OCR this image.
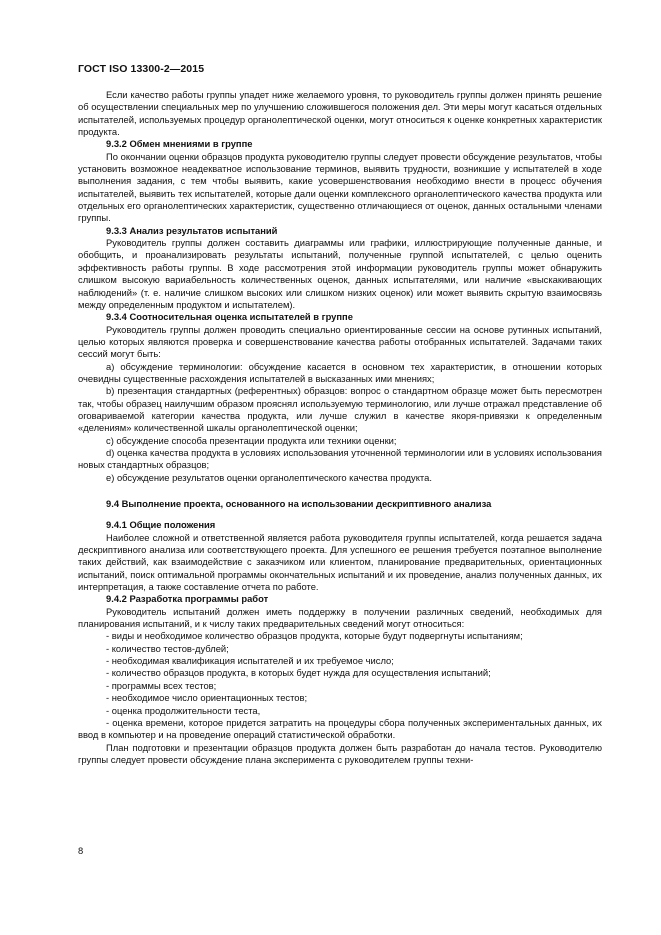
ГОСТ ISO 13300-2—2015

Если качество работы группы упадет ниже желаемого уровня, то руководитель группы должен принять решение об осуществлении специальных мер по улучшению сложившегося положения дел. Эти меры могут касаться отдельных испытателей, используемых процедур органолептической оценки, могут относиться к оценке конкретных характеристик продукта.

9.3.2 Обмен мнениями в группе

По окончании оценки образцов продукта руководителю группы следует провести обсуждение результатов, чтобы установить возможное неадекватное использование терминов, выявить трудности, возникшие у испытателей в ходе выполнения задания, с тем чтобы выявить, какие усовершенствования необходимо внести в процесс обучения испытателей, выявить тех испытателей, которые дали оценки комплексного органолептического качества продукта или отдельных его органолептических характеристик, существенно отличающиеся от оценок, данных остальными членами группы.

9.3.3 Анализ результатов испытаний

Руководитель группы должен составить диаграммы или графики, иллюстрирующие полученные данные, и обобщить, и проанализировать результаты испытаний, полученные группой испытателей, с целью оценить эффективность работы группы. В ходе рассмотрения этой информации руководитель группы может обнаружить слишком высокую вариабельность количественных оценок, данных испытателями, или наличие «выскакивающих наблюдений» (т. е. наличие слишком высоких или слишком низких оценок) или может выявить скрытую взаимосвязь между определенным продуктом и испытателем).

9.3.4 Соотносительная оценка испытателей в группе

Руководитель группы должен проводить специально ориентированные сессии на основе рутинных испытаний, целью которых являются проверка и совершенствование качества работы отобранных испытателей. Задачами таких сессий могут быть:

а) обсуждение терминологии: обсуждение касается в основном тех характеристик, в отношении которых очевидны существенные расхождения испытателей в высказанных ими мнениях;
b) презентация стандартных (референтных) образцов: вопрос о стандартном образце может быть пересмотрен так, чтобы образец наилучшим образом прояснял используемую терминологию, или лучше отражал представление об оговариваемой категории качества продукта, или лучше служил в качестве якоря-привязки к определенным «делениям» количественной шкалы органолептической оценки;
с) обсуждение способа презентации продукта или техники оценки;
d) оценка качества продукта в условиях использования уточненной терминологии или в условиях использования новых стандартных образцов;
е) обсуждение результатов оценки органолептического качества продукта.
9.4 Выполнение проекта, основанного на использовании дескриптивного анализа
9.4.1 Общие положения

Наиболее сложной и ответственной является работа руководителя группы испытателей, когда решается задача дескриптивного анализа или соответствующего проекта. Для успешного ее решения требуется поэтапное выполнение таких действий, как взаимодействие с заказчиком или клиентом, планирование предварительных, ориентационных испытаний, поиск оптимальной программы окончательных испытаний и их проведение, анализ полученных данных, их интерпретация, а также составление отчета по работе.

9.4.2 Разработка программы работ

Руководитель испытаний должен иметь поддержку в получении различных сведений, необходимых для планирования испытаний, и к числу таких предварительных сведений могут относиться:

- виды и необходимое количество образцов продукта, которые будут подвергнуты испытаниям;
- количество тестов-дублей;
- необходимая квалификация испытателей и их требуемое число;
- количество образцов продукта, в которых будет нужда для осуществления испытаний;
- программы всех тестов;
- необходимое число ориентационных тестов;
- оценка продолжительности теста,
- оценка времени, которое придется затратить на процедуры сбора полученных экспериментальных данных, их ввод в компьютер и на проведение операций статистической обработки.

План подготовки и презентации образцов продукта должен быть разработан до начала тестов. Руководителю группы следует провести обсуждение плана эксперимента с руководителем группы техни-

8
